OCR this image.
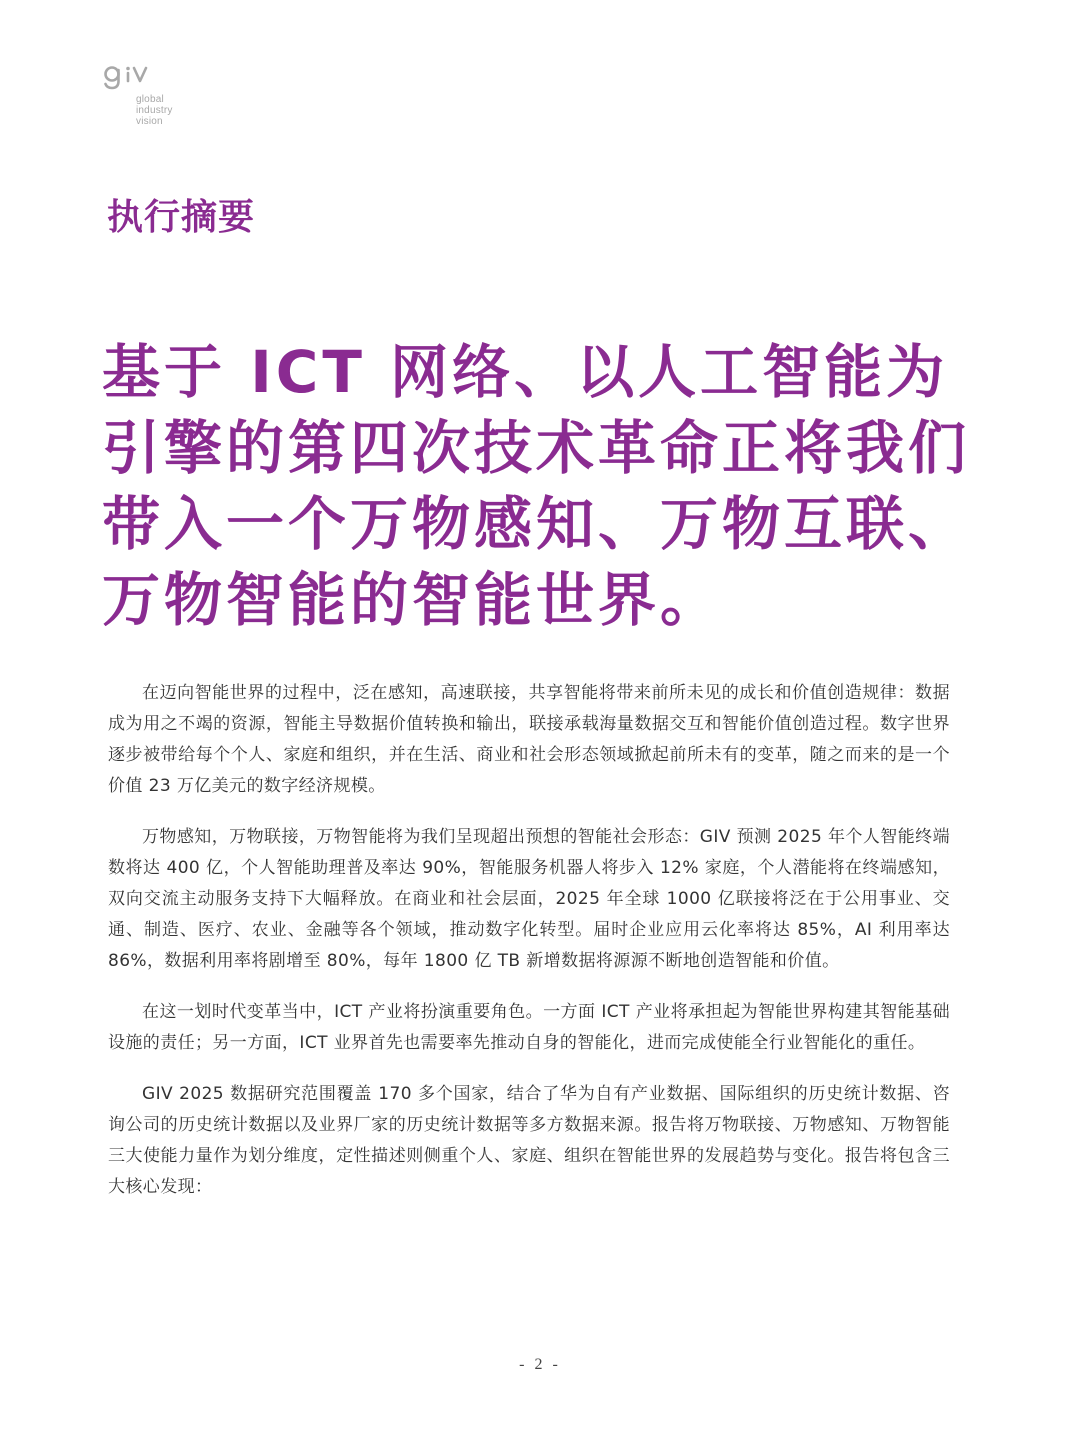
global
industry
vision
执行摘要
基于 ICT 网络、以人工智能为
引擎的第四次技术革命正将我们
带入一个万物感知、万物互联、
万物智能的智能世界。

在迈向智能世界的过程中，泛在感知，高速联接，共享智能将带来前所未见的成长和价值创造规律：数据成为用之不竭的资源，智能主导数据价值转换和输出，联接承载海量数据交互和智能价值创造过程。数字世界逐步被带给每个个人、家庭和组织，并在生活、商业和社会形态领域掀起前所未有的变革，随之而来的是一个价值 23 万亿美元的数字经济规模。

万物感知，万物联接，万物智能将为我们呈现超出预想的智能社会形态：GIV 预测 2025 年个人智能终端数将达 400 亿，个人智能助理普及率达 90%，智能服务机器人将步入 12% 家庭，个人潜能将在终端感知，双向交流主动服务支持下大幅释放。在商业和社会层面，2025 年全球 1000 亿联接将泛在于公用事业、交通、制造、医疗、农业、金融等各个领域，推动数字化转型。届时企业应用云化率将达 85%，AI 利用率达 86%，数据利用率将剧增至 80%，每年 1800 亿 TB 新增数据将源源不断地创造智能和价值。

在这一划时代变革当中，ICT 产业将扮演重要角色。一方面 ICT 产业将承担起为智能世界构建其智能基础设施的责任；另一方面，ICT 业界首先也需要率先推动自身的智能化，进而完成使能全行业智能化的重任。

GIV 2025 数据研究范围覆盖 170 多个国家，结合了华为自有产业数据、国际组织的历史统计数据、咨询公司的历史统计数据以及业界厂家的历史统计数据等多方数据来源。报告将万物联接、万物感知、万物智能三大使能力量作为划分维度，定性描述则侧重个人、家庭、组织在智能世界的发展趋势与变化。报告将包含三大核心发现：

- 2 -
